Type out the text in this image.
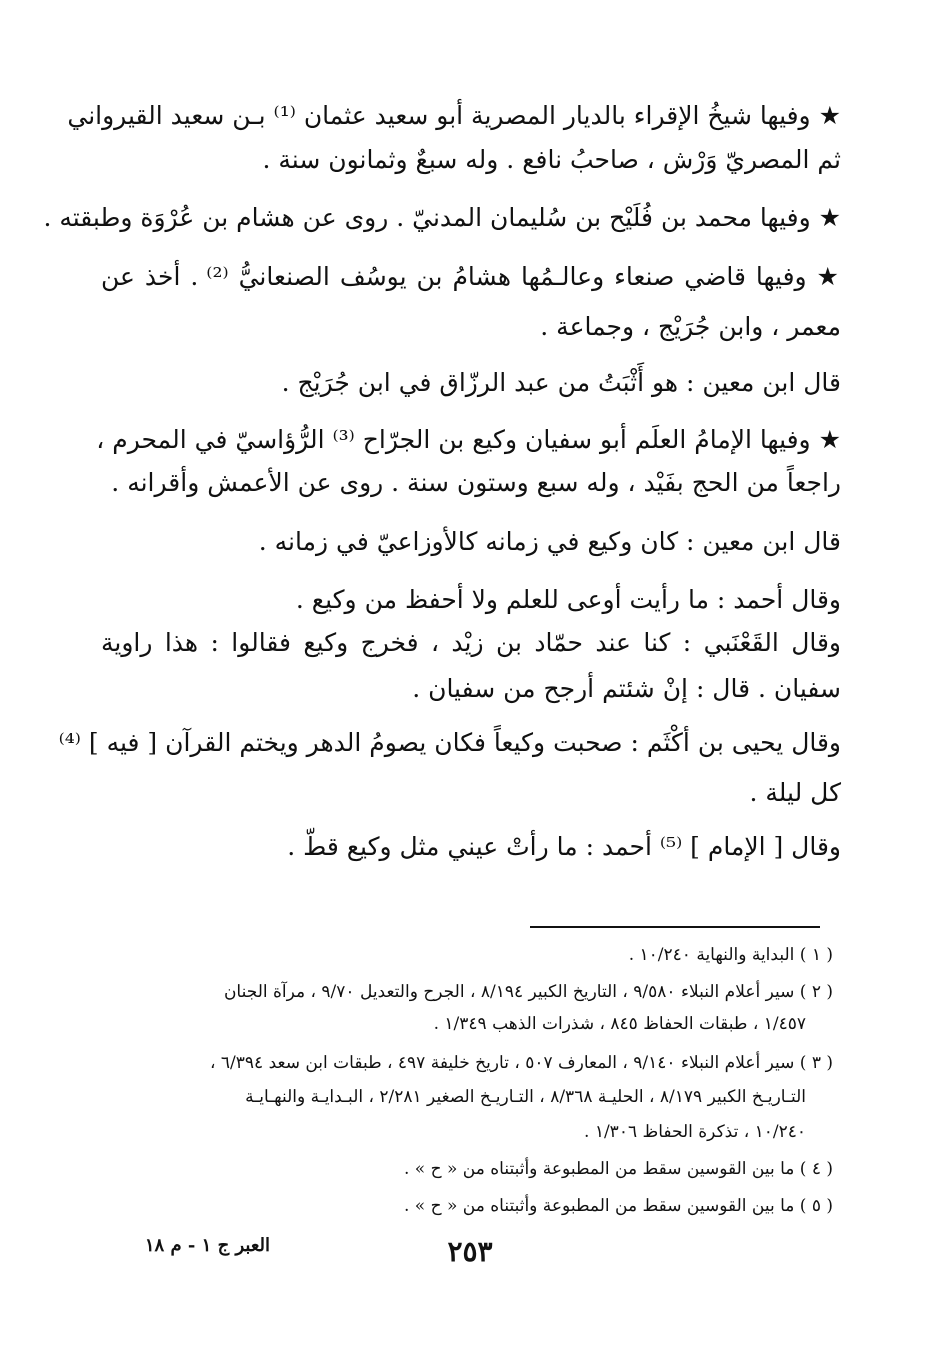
★ وفيها شيخُ الإقراء بالديار المصرية أبو سعيد عثمان ⁽¹⁾ بـن سعيد القيرواني
ثم المصريّ وَرْش ، صاحبُ نافع . وله سبعٌ وثمانون سنة .
★ وفيها محمد بن فُلَيْح بن سُليمان المدنيّ . روى عن هشام بن عُرْوَة وطبقته .
★ وفيها قاضي صنعاء وعالـمُها هشامُ بن يوسُف الصنعانيُّ ⁽²⁾ . أخذ عن
معمر ، وابن جُرَيْج ، وجماعة .
قال ابن معين : هو أَثْبَتُ من عبد الرزّاق في ابن جُرَيْج .
★ وفيها الإمامُ العلَم أبو سفيان وكيع بن الجرّاح ⁽³⁾ الرُّؤاسيّ في المحرم ،
راجعاً من الحج بفَيْد ، وله سبع وستون سنة . روى عن الأعمش وأقرانه .
قال ابن معين : كان وكيع في زمانه كالأوزاعيّ في زمانه .
وقال أحمد : ما رأيت أوعى للعلم ولا أحفظ من وكيع .
وقال القَعْنَبي : كنا عند حمّاد بن زيْد ، فخرج وكيع فقالوا : هذا راوية
سفيان . قال : إنْ شئتم أرجح من سفيان .
وقال يحيى بن أكْثَم : صحبت وكيعاً فكان يصومُ الدهر ويختم القرآن [ فيه ] ⁽⁴⁾
كل ليلة .
وقال [ الإمام ] ⁽⁵⁾ أحمد : ما رأتْ عيني مثل وكيع قطّ .
( ١ ) البداية والنهاية ١٠/٢٤٠ .
( ٢ ) سير أعلام النبلاء ٩/٥٨٠ ، التاريخ الكبير ٨/١٩٤ ، الجرح والتعديل ٩/٧٠ ، مرآة الجنان
١/٤٥٧ ، طبقات الحفاظ ٨٤٥ ، شذرات الذهب ١/٣٤٩ .
( ٣ ) سير أعلام النبلاء ٩/١٤٠ ، المعارف ٥٠٧ ، تاريخ خليفة ٤٩٧ ، طبقات ابن سعد ٦/٣٩٤ ،
التـاريـخ الكبير ٨/١٧٩ ، الحليـة ٨/٣٦٨ ، التـاريـخ الصغير ٢/٢٨١ ، البـدايـة والنهـايـة
١٠/٢٤٠ ، تذكرة الحفاظ ١/٣٠٦ .
( ٤ ) ما بين القوسين سقط من المطبوعة وأثبتناه من « ح » .
( ٥ ) ما بين القوسين سقط من المطبوعة وأثبتناه من « ح » .
٢٥٣
العبر ج ١ - م ١٨
